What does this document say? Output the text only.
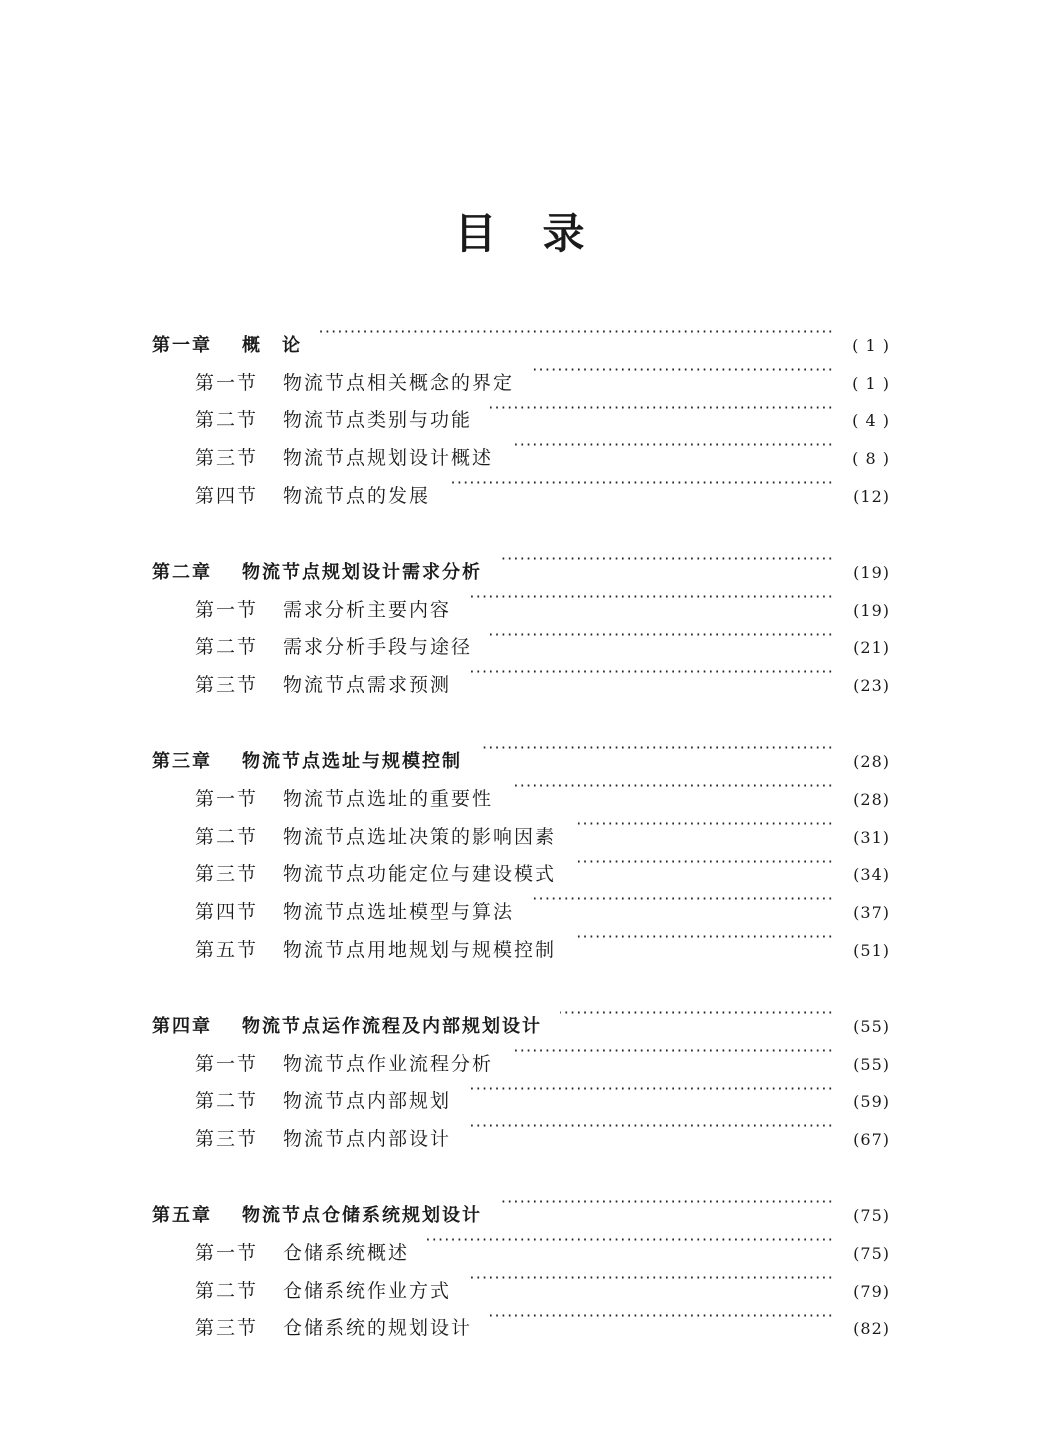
目 录
第一章	概　论 ·····	( 1 )
第一节	物流节点相关概念的界定 ·····	( 1 )
第二节	物流节点类别与功能 ·····	( 4 )
第三节	物流节点规划设计概述 ·····	( 8 )
第四节	物流节点的发展 ·····	(12)
第二章	物流节点规划设计需求分析 ·····	(19)
第一节	需求分析主要内容 ·····	(19)
第二节	需求分析手段与途径 ·····	(21)
第三节	物流节点需求预测 ·····	(23)
第三章	物流节点选址与规模控制 ·····	(28)
第一节	物流节点选址的重要性 ·····	(28)
第二节	物流节点选址决策的影响因素 ·····	(31)
第三节	物流节点功能定位与建设模式 ·····	(34)
第四节	物流节点选址模型与算法 ·····	(37)
第五节	物流节点用地规划与规模控制 ·····	(51)
第四章	物流节点运作流程及内部规划设计 ·····	(55)
第一节	物流节点作业流程分析 ·····	(55)
第二节	物流节点内部规划 ·····	(59)
第三节	物流节点内部设计 ·····	(67)
第五章	物流节点仓储系统规划设计 ·····	(75)
第一节	仓储系统概述 ·····	(75)
第二节	仓储系统作业方式 ·····	(79)
第三节	仓储系统的规划设计 ·····	(82)
